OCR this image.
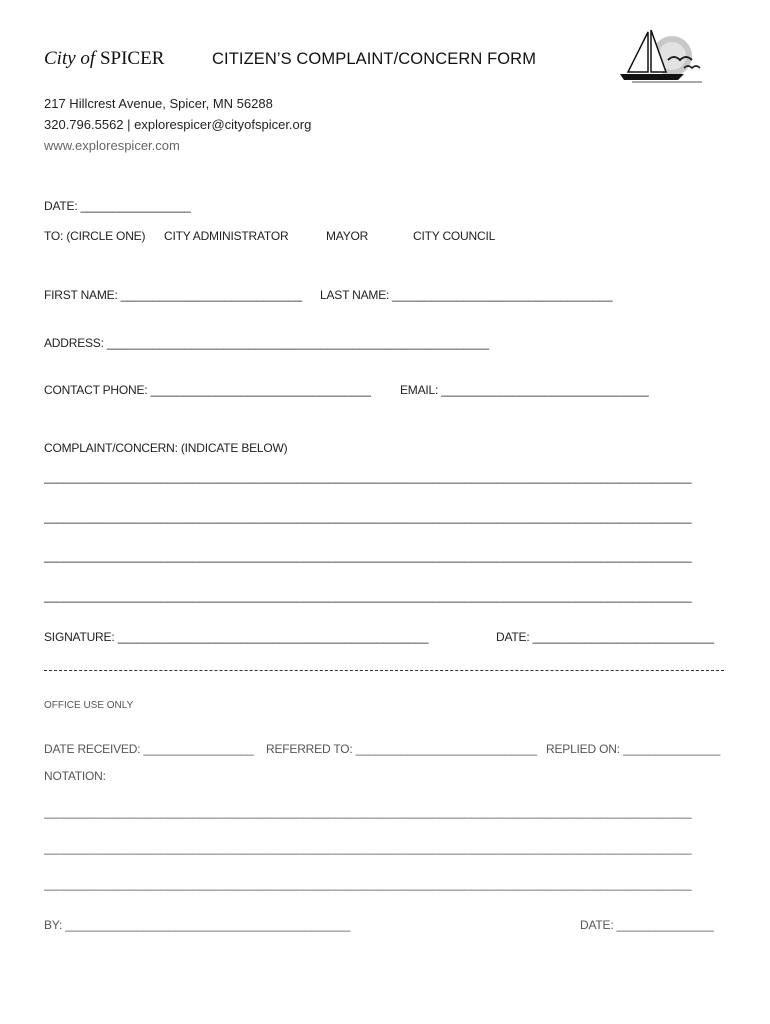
City of SPICER	CITIZEN’S COMPLAINT/CONCERN FORM
217 Hillcrest Avenue, Spicer, MN 56288
320.796.5562 | explorespicer@cityofspicer.org
www.explorespicer.com
DATE: _________________
TO: (CIRCLE ONE) CITY ADMINISTRATOR	MAYOR	CITY COUNCIL
FIRST NAME: ____________________________ LAST NAME: __________________________________
ADDRESS: ___________________________________________________________
CONTACT PHONE: __________________________________ EMAIL: ________________________________
COMPLAINT/CONCERN: (INDICATE BELOW)
____________________________________________________________________________________________________
____________________________________________________________________________________________________
____________________________________________________________________________________________________
____________________________________________________________________________________________________
SIGNATURE: ________________________________________________	DATE: ____________________________
OFFICE USE ONLY
DATE RECEIVED: _________________ REFERRED TO: ____________________________ REPLIED ON: _______________
NOTATION:
____________________________________________________________________________________________________
____________________________________________________________________________________________________
____________________________________________________________________________________________________
BY: ____________________________________________	DATE: _______________
